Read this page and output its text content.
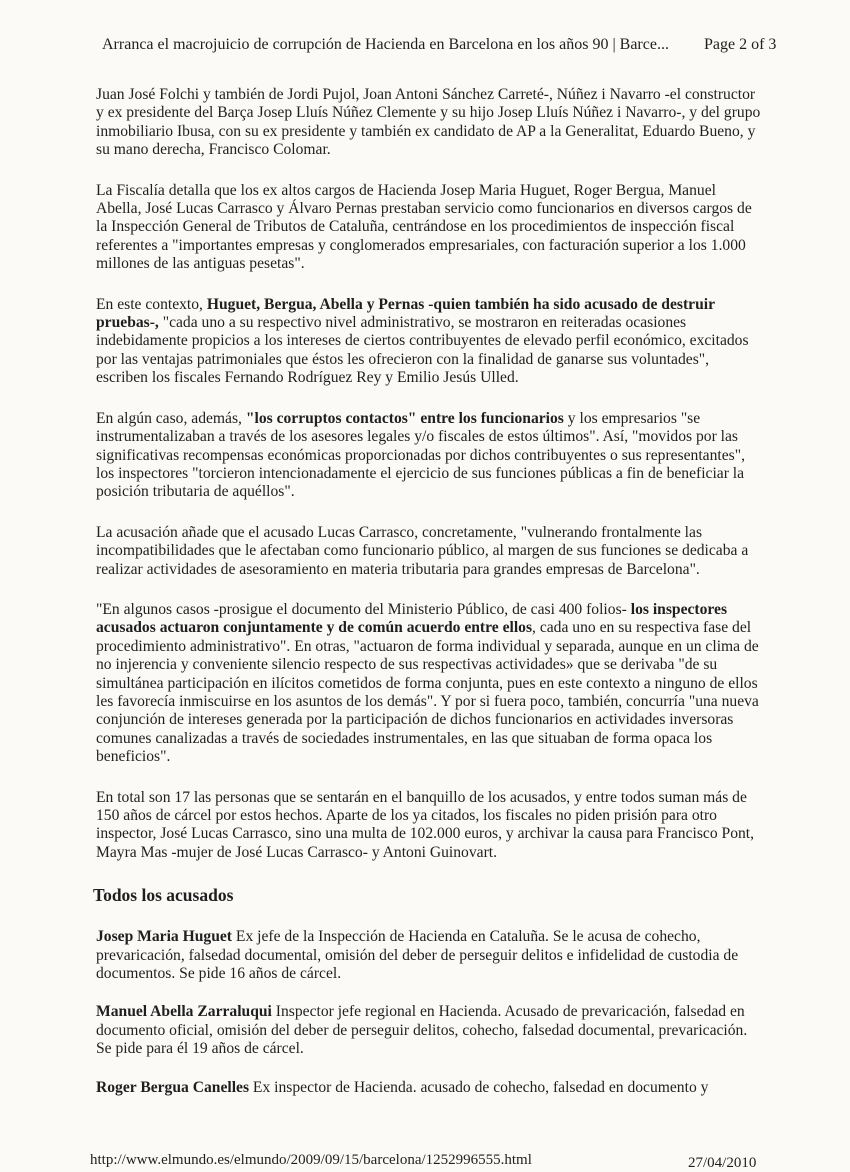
Arranca el macrojuicio de corrupción de Hacienda en Barcelona en los años 90 | Barce... Page 2 of 3

Juan José Folchi y también de Jordi Pujol, Joan Antoni Sánchez Carreté-, Núñez i Navarro -el constructor y ex presidente del Barça Josep Lluís Núñez Clemente y su hijo Josep Lluís Núñez i Navarro-, y del grupo inmobiliario Ibusa, con su ex presidente y también ex candidato de AP a la Generalitat, Eduardo Bueno, y su mano derecha, Francisco Colomar.

La Fiscalía detalla que los ex altos cargos de Hacienda Josep Maria Huguet, Roger Bergua, Manuel Abella, José Lucas Carrasco y Álvaro Pernas prestaban servicio como funcionarios en diversos cargos de la Inspección General de Tributos de Cataluña, centrándose en los procedimientos de inspección fiscal referentes a "importantes empresas y conglomerados empresariales, con facturación superior a los 1.000 millones de las antiguas pesetas".

En este contexto, Huguet, Bergua, Abella y Pernas -quien también ha sido acusado de destruir pruebas-, "cada uno a su respectivo nivel administrativo, se mostraron en reiteradas ocasiones indebidamente propicios a los intereses de ciertos contribuyentes de elevado perfil económico, excitados por las ventajas patrimoniales que éstos les ofrecieron con la finalidad de ganarse sus voluntades", escriben los fiscales Fernando Rodríguez Rey y Emilio Jesús Ulled.

En algún caso, además, "los corruptos contactos" entre los funcionarios y los empresarios "se instrumentalizaban a través de los asesores legales y/o fiscales de estos últimos". Así, "movidos por las significativas recompensas económicas proporcionadas por dichos contribuyentes o sus representantes", los inspectores "torcieron intencionadamente el ejercicio de sus funciones públicas a fin de beneficiar la posición tributaria de aquéllos".

La acusación añade que el acusado Lucas Carrasco, concretamente, "vulnerando frontalmente las incompatibilidades que le afectaban como funcionario público, al margen de sus funciones se dedicaba a realizar actividades de asesoramiento en materia tributaria para grandes empresas de Barcelona".

"En algunos casos -prosigue el documento del Ministerio Público, de casi 400 folios- los inspectores acusados actuaron conjuntamente y de común acuerdo entre ellos, cada uno en su respectiva fase del procedimiento administrativo". En otras, "actuaron de forma individual y separada, aunque en un clima de no injerencia y conveniente silencio respecto de sus respectivas actividades» que se derivaba "de su simultánea participación en ilícitos cometidos de forma conjunta, pues en este contexto a ninguno de ellos les favorecía inmiscuirse en los asuntos de los demás". Y por si fuera poco, también, concurría "una nueva conjunción de intereses generada por la participación de dichos funcionarios en actividades inversoras comunes canalizadas a través de sociedades instrumentales, en las que situaban de forma opaca los beneficios".

En total son 17 las personas que se sentarán en el banquillo de los acusados, y entre todos suman más de 150 años de cárcel por estos hechos. Aparte de los ya citados, los fiscales no piden prisión para otro inspector, José Lucas Carrasco, sino una multa de 102.000 euros, y archivar la causa para Francisco Pont, Mayra Mas -mujer de José Lucas Carrasco- y Antoni Guinovart.

Todos los acusados

Josep Maria Huguet Ex jefe de la Inspección de Hacienda en Cataluña. Se le acusa de cohecho, prevaricación, falsedad documental, omisión del deber de perseguir delitos e infidelidad de custodia de documentos. Se pide 16 años de cárcel.

Manuel Abella Zarraluqui Inspector jefe regional en Hacienda. Acusado de prevaricación, falsedad en documento oficial, omisión del deber de perseguir delitos, cohecho, falsedad documental, prevaricación. Se pide para él 19 años de cárcel.

Roger Bergua Canelles Ex inspector de Hacienda. acusado de cohecho, falsedad en documento y

http://www.elmundo.es/elmundo/2009/09/15/barcelona/1252996555.html	27/04/2010
